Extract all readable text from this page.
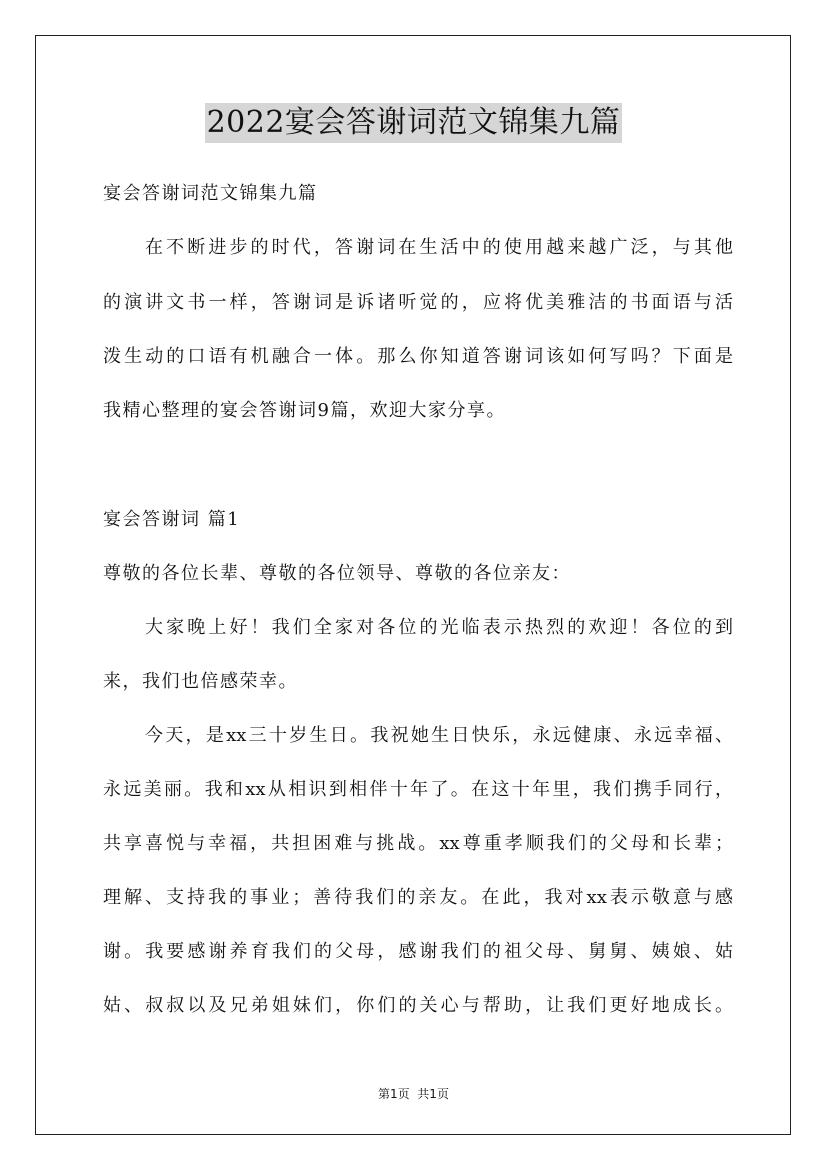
2022宴会答谢词范文锦集九篇
宴会答谢词范文锦集九篇
在不断进步的时代，答谢词在生活中的使用越来越广泛，与其他
的演讲文书一样，答谢词是诉诸听觉的，应将优美雅洁的书面语与活
泼生动的口语有机融合一体。那么你知道答谢词该如何写吗？下面是
我精心整理的宴会答谢词9篇，欢迎大家分享。
宴会答谢词 篇1
尊敬的各位长辈、尊敬的各位领导、尊敬的各位亲友：
大家晚上好！我们全家对各位的光临表示热烈的欢迎！各位的到
来，我们也倍感荣幸。
今天，是xx三十岁生日。我祝她生日快乐，永远健康、永远幸福、
永远美丽。我和xx从相识到相伴十年了。在这十年里，我们携手同行，
共享喜悦与幸福，共担困难与挑战。xx尊重孝顺我们的父母和长辈；
理解、支持我的事业；善待我们的亲友。在此，我对xx表示敬意与感
谢。我要感谢养育我们的父母，感谢我们的祖父母、舅舅、姨娘、姑
姑、叔叔以及兄弟姐妹们，你们的关心与帮助，让我们更好地成长。
第1页  共1页
